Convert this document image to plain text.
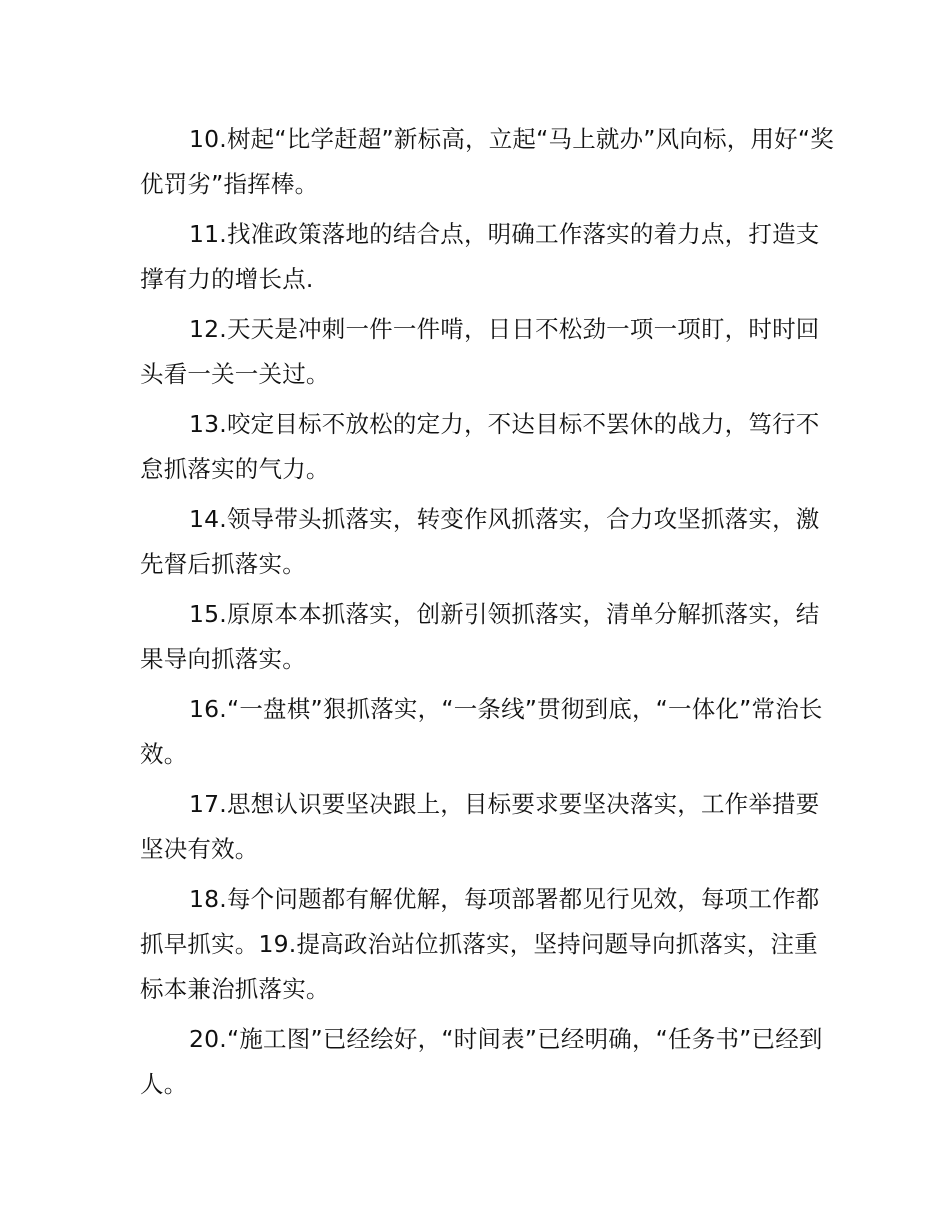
10.树起“比学赶超”新标高，立起“马上就办”风向标，用好“奖优罚劣”指挥棒。

11.找准政策落地的结合点，明确工作落实的着力点，打造支撑有力的增长点.

12.天天是冲刺一件一件啃，日日不松劲一项一项盯，时时回头看一关一关过。

13.咬定目标不放松的定力，不达目标不罢休的战力，笃行不怠抓落实的气力。

14.领导带头抓落实，转变作风抓落实，合力攻坚抓落实，激先督后抓落实。

15.原原本本抓落实，创新引领抓落实，清单分解抓落实，结果导向抓落实。

16.“一盘棋”狠抓落实，“一条线”贯彻到底，“一体化”常治长效。

17.思想认识要坚决跟上，目标要求要坚决落实，工作举措要坚决有效。

18.每个问题都有解优解，每项部署都见行见效，每项工作都抓早抓实。19.提高政治站位抓落实，坚持问题导向抓落实，注重标本兼治抓落实。

20.“施工图”已经绘好，“时间表”已经明确，“任务书”已经到人。
